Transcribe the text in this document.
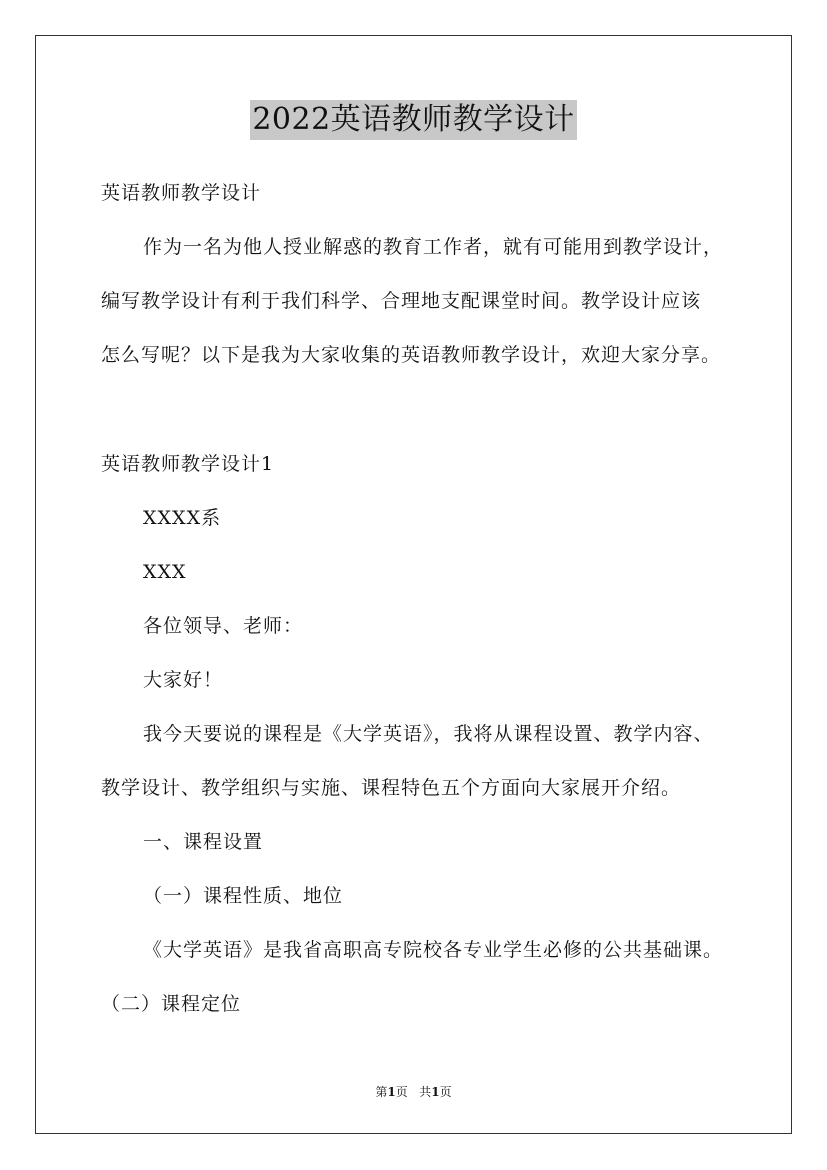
2022英语教师教学设计
英语教师教学设计
作为一名为他人授业解惑的教育工作者，就有可能用到教学设计，
编写教学设计有利于我们科学、合理地支配课堂时间。教学设计应该
怎么写呢？以下是我为大家收集的英语教师教学设计，欢迎大家分享。
英语教师教学设计1
XXXX系
XXX
各位领导、老师：
大家好！
我今天要说的课程是《大学英语》，我将从课程设置、教学内容、
教学设计、教学组织与实施、课程特色五个方面向大家展开介绍。
一、课程设置
（一）课程性质、地位
《大学英语》是我省高职高专院校各专业学生必修的公共基础课。
（二）课程定位
第1页 共1页
